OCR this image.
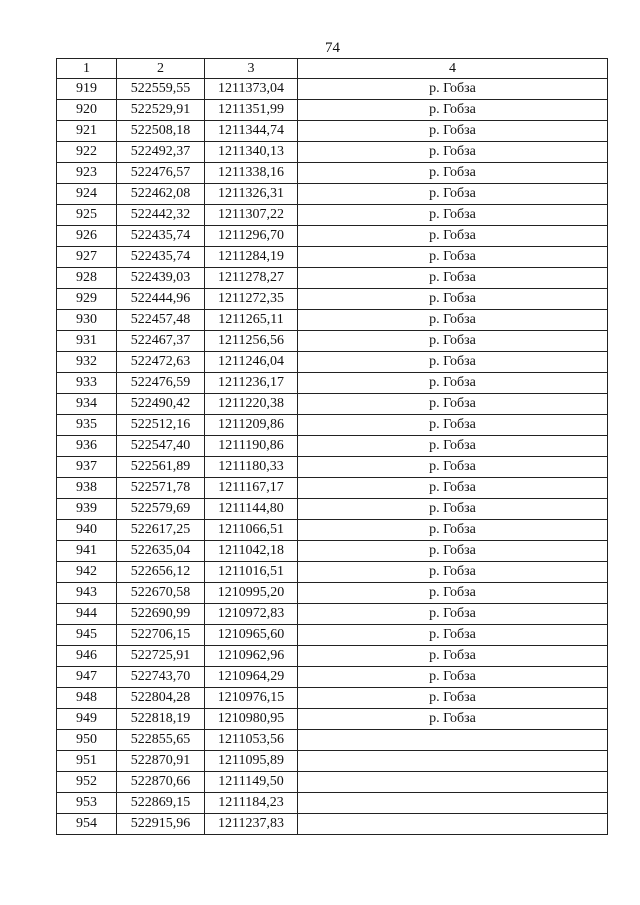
74
1	2	3	4
919	522559,55	1211373,04	р. Гобза
920	522529,91	1211351,99	р. Гобза
921	522508,18	1211344,74	р. Гобза
922	522492,37	1211340,13	р. Гобза
923	522476,57	1211338,16	р. Гобза
924	522462,08	1211326,31	р. Гобза
925	522442,32	1211307,22	р. Гобза
926	522435,74	1211296,70	р. Гобза
927	522435,74	1211284,19	р. Гобза
928	522439,03	1211278,27	р. Гобза
929	522444,96	1211272,35	р. Гобза
930	522457,48	1211265,11	р. Гобза
931	522467,37	1211256,56	р. Гобза
932	522472,63	1211246,04	р. Гобза
933	522476,59	1211236,17	р. Гобза
934	522490,42	1211220,38	р. Гобза
935	522512,16	1211209,86	р. Гобза
936	522547,40	1211190,86	р. Гобза
937	522561,89	1211180,33	р. Гобза
938	522571,78	1211167,17	р. Гобза
939	522579,69	1211144,80	р. Гобза
940	522617,25	1211066,51	р. Гобза
941	522635,04	1211042,18	р. Гобза
942	522656,12	1211016,51	р. Гобза
943	522670,58	1210995,20	р. Гобза
944	522690,99	1210972,83	р. Гобза
945	522706,15	1210965,60	р. Гобза
946	522725,91	1210962,96	р. Гобза
947	522743,70	1210964,29	р. Гобза
948	522804,28	1210976,15	р. Гобза
949	522818,19	1210980,95	р. Гобза
950	522855,65	1211053,56	
951	522870,91	1211095,89	
952	522870,66	1211149,50	
953	522869,15	1211184,23	
954	522915,96	1211237,83	
